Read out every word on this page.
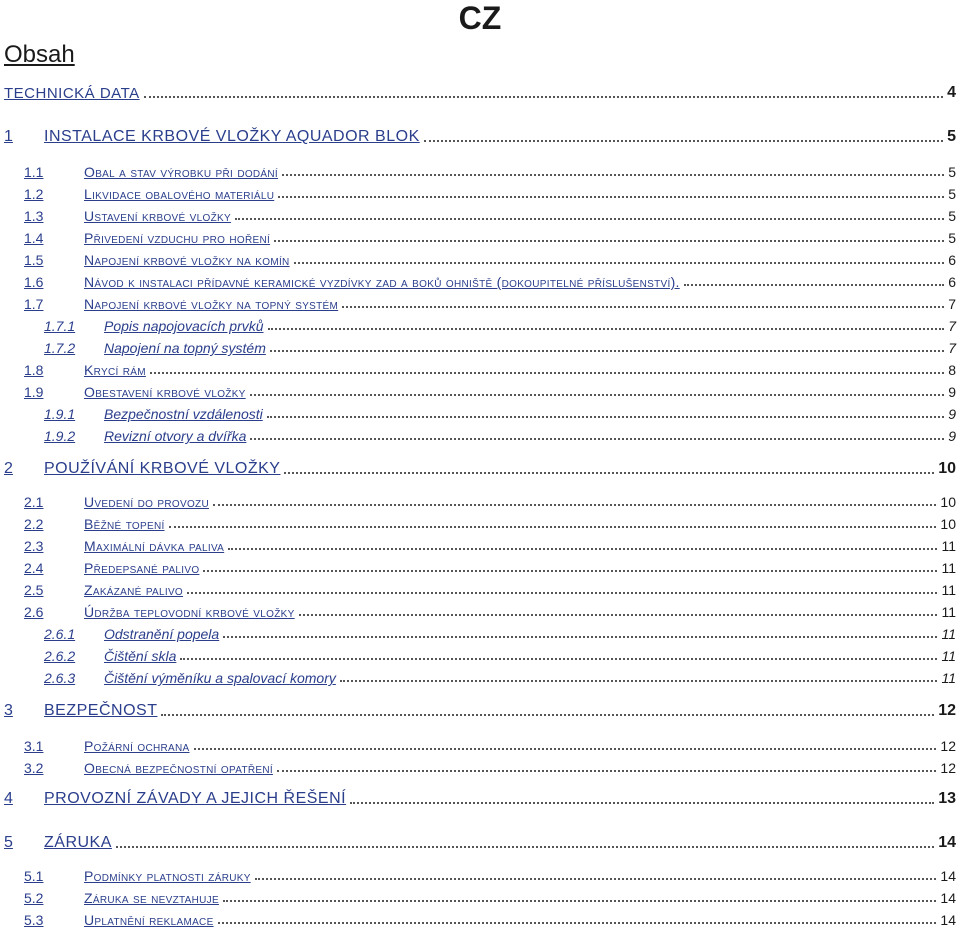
CZ
Obsah
TECHNICKÁ DATA	4
1 INSTALACE KRBOVÉ VLOŽKY AQUADOR BLOK	5
1.1	Obal a stav výrobku při dodání	5
1.2	Likvidace obalového materiálu	5
1.3	Ustavení krbové vložky	5
1.4	Přivedení vzduchu pro hoření	5
1.5	Napojení krbové vložky na komín	6
1.6	Návod k instalaci přídavné keramické vyzdívky zad a boků ohniště (dokoupitelné příslušenství).	6
1.7	Napojení krbové vložky na topný systém	7
1.7.1 Popis napojovacích prvků	7
1.7.2 Napojení na topný systém	7
1.8	Krycí rám	8
1.9	Obestavení krbové vložky	9
1.9.1 Bezpečnostní vzdálenosti	9
1.9.2 Revizní otvory a dvířka	9
2 POUŽÍVÁNÍ KRBOVÉ VLOŽKY	10
2.1	Uvedení do provozu	10
2.2	Běžné topení	10
2.3	Maximální dávka paliva	11
2.4	Předepsané palivo	11
2.5	Zakázané palivo	11
2.6	Údržba teplovodní krbové vložky	11
2.6.1 Odstranění popela	11
2.6.2 Čištění skla	11
2.6.3 Čištění výměníku a spalovací komory	11
3 BEZPEČNOST	12
3.1	Požární ochrana	12
3.2	Obecná bezpečnostní opatření	12
4 PROVOZNÍ ZÁVADY A JEJICH ŘEŠENÍ	13
5 ZÁRUKA	14
5.1	Podmínky platnosti záruky	14
5.2	Záruka se nevztahuje	14
5.3	Uplatnění reklamace	14
